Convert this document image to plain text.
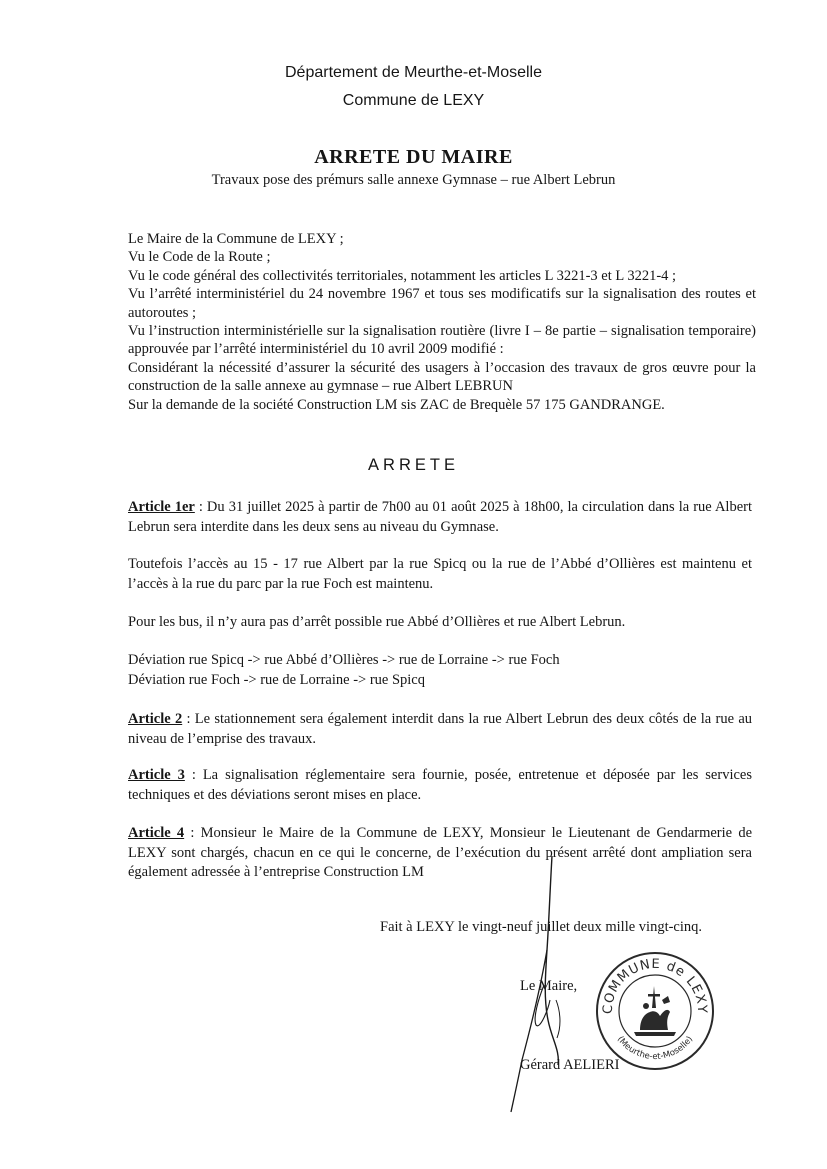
Département de Meurthe-et-Moselle
Commune de LEXY
ARRETE DU MAIRE
Travaux pose des prémurs salle annexe Gymnase – rue Albert Lebrun
Le Maire de la Commune de LEXY ;
Vu le Code de la Route ;
Vu le code général des collectivités territoriales, notamment les articles L 3221-3 et L 3221-4 ;
Vu l’arrêté interministériel du 24 novembre 1967 et tous ses modificatifs sur la signalisation des routes et autoroutes ;
Vu l’instruction interministérielle sur la signalisation routière (livre I – 8e partie – signalisation temporaire) approuvée par l’arrêté interministériel du 10 avril 2009 modifié :
Considérant la nécessité d’assurer la sécurité des usagers à l’occasion des travaux de gros œuvre pour la construction de la salle annexe au gymnase – rue Albert LEBRUN
Sur la demande de la société Construction LM sis ZAC de Brequèle 57 175 GANDRANGE.
ARRETE
Article 1er : Du 31 juillet 2025 à partir de 7h00 au 01 août 2025 à 18h00, la circulation dans la rue Albert Lebrun sera interdite dans les deux sens au niveau du Gymnase.
Toutefois l’accès au 15 - 17 rue Albert par la rue Spicq ou la rue de l’Abbé d’Ollières est maintenu et l’accès à la rue du parc par la rue Foch est maintenu.
Pour les bus, il n’y aura pas d’arrêt possible rue Abbé d’Ollières et rue Albert Lebrun.
Déviation rue Spicq -> rue Abbé d’Ollières -> rue de Lorraine -> rue Foch
Déviation rue Foch -> rue de Lorraine -> rue Spicq
Article 2 : Le stationnement sera également interdit dans la rue Albert Lebrun des deux côtés de la rue au niveau de l’emprise des travaux.
Article 3 : La signalisation réglementaire sera fournie, posée, entretenue et déposée par les services techniques et des déviations seront mises en place.
Article 4 : Monsieur le Maire de la Commune de LEXY, Monsieur le Lieutenant de Gendarmerie de LEXY sont chargés, chacun en ce qui le concerne, de l’exécution du présent arrêté dont ampliation sera également adressée à l’entreprise Construction LM
Fait à LEXY le vingt-neuf juillet deux mille vingt-cinq.
Le Maire,
Gérard AELIERI
COMMUNE de LEXY
(Meurthe-et-Moselle)
